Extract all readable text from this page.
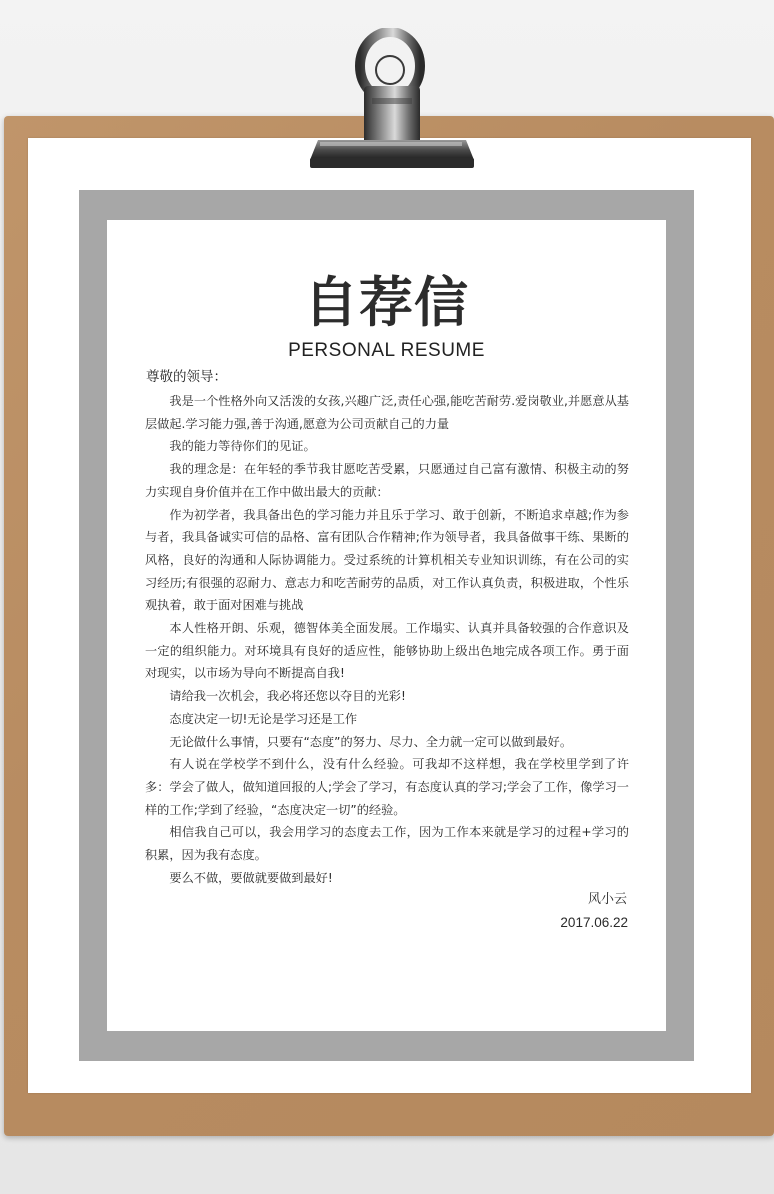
自荐信
PERSONAL RESUME
尊敬的领导：

我是一个性格外向又活泼的女孩,兴趣广泛,责任心强,能吃苦耐劳.爱岗敬业,并愿意从基层做起.学习能力强,善于沟通,愿意为公司贡献自己的力量

我的能力等待你们的见证。

我的理念是：在年轻的季节我甘愿吃苦受累，只愿通过自己富有激情、积极主动的努力实现自身价值并在工作中做出最大的贡献：

作为初学者，我具备出色的学习能力并且乐于学习、敢于创新，不断追求卓越;作为参与者，我具备诚实可信的品格、富有团队合作精神;作为领导者，我具备做事干练、果断的风格，良好的沟通和人际协调能力。受过系统的计算机相关专业知识训练，有在公司的实习经历;有很强的忍耐力、意志力和吃苦耐劳的品质，对工作认真负责，积极进取，个性乐观执着，敢于面对困难与挑战

本人性格开朗、乐观，德智体美全面发展。工作塌实、认真并具备较强的合作意识及一定的组织能力。对环境具有良好的适应性，能够协助上级出色地完成各项工作。勇于面对现实，以市场为导向不断提高自我!

请给我一次机会，我必将还您以夺目的光彩!

态度决定一切!无论是学习还是工作

无论做什么事情，只要有“态度”的努力、尽力、全力就一定可以做到最好。

有人说在学校学不到什么，没有什么经验。可我却不这样想，我在学校里学到了许多：学会了做人，做知道回报的人;学会了学习，有态度认真的学习;学会了工作，像学习一样的工作;学到了经验，“态度决定一切”的经验。

相信我自己可以，我会用学习的态度去工作，因为工作本来就是学习的过程+学习的积累，因为我有态度。

要么不做，要做就要做到最好!

风小云
2017.06.22
